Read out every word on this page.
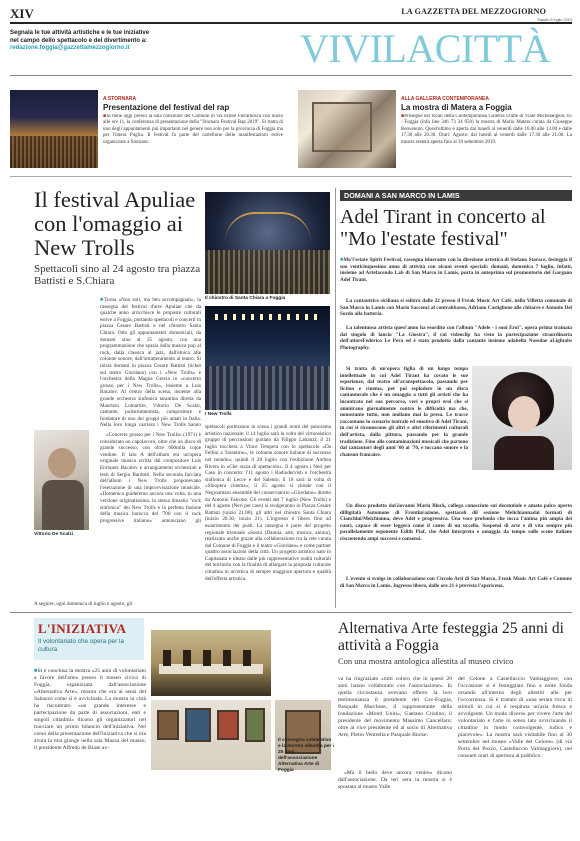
XIV	LA GAZZETTA DEL MEZZOGIORNO
Sabato 6 luglio 2019
Segnala le tue attività artistiche e le tue iniziative
nel campo dello spettacolo e del divertimento a:
redazione.foggia@gazzettamezzogiorno.it	VIVILACITTÀ
A STORNARA
Presentazione del festival del rap
■ Si tiene oggi presso la sala consiliare del Comune in via Ettore Fieramosca con inizio alle ore 11, la conferenza di presentazione della "Stornara Festival Rap 2019". Si tratta di uno degli appuntamenti più importanti nel genere non solo per la provincia di Foggia ma per l'intera Puglia. Il festival fa parte del cartellone delle manifestazioni estive organizzate a Stornara.
ALLA GALLERIA CONTEMPORANEA
La mostra di Matera a Foggia
■ Prosegue nei locali della Contemporanea Galleria D'arte di Viale Michelangelo, 65 - Foggia (info line 346 73 34 050) la mostra di Mario Matera curata da Giuseppe Benvenuto. Quest'ultimo è aperta dal lunedì al venerdì dalle 16.00 alle 13.00 e dalle 17.30 alle 20.30. Orari: Agosto: dal lunedì al venerdì dalle 17.30 alle 21.00. La mostra resterà aperta fino al 10 settembre 2019.
Il festival Apuliae con l'omaggio ai New Trolls
Spettacoli sino al 24 agosto tra piazza Battisti e S.Chiara
Il chiostro di Santa Chiara a Foggia
I New Trolls
Vittorio De Scalzi
■ Torna «Non soli, ma ben accompagnati», la rassegna del festival d'arte Apuliae che da qualche anno arricchisce le proposte culturali estive a Foggia, portando spettacoli e concerti in piazza Cesare Battisti e nel chiostro Santa Chiara. Otto gli appuntamenti domenicali, da domani sino al 25 agosto, con una programmazione che spazia dalla musica pop al rock, dalla classica al jazz, dall'etnica alle colonne sonore, dall'intrattenimento al teatro. Si inizia domani in piazza Cesare Battisti (ticket sul teatro Giordano) con i «New Trolls» e l'orchestra della Magna Grecia in «concerto grosso per i New Trolls», insieme a Luis Bacalov. Al centro della scena, insieme alla grande orchestra sinfonica tarantina diretta da Maurizio Lomartire, Vittorio De Scalzi, cantante, polistrumentista, compositore e fondatore di uno dei gruppi più amati in Italia. Nella loro lunga carriera i New Trolls hanno
«Concerto grosso per i New Trolls» (1971) è considerato un capolavoro, oltre che un disco di grande successo, con oltre 600mila copie vendute. Il lato A dell'album era un'opera originale musica scritta dal compositore Luis Enriquez Bacalov e arrangiamenti orchestrali e testi di Sergio Bardotti. Nella seconda facciata dell'album i New Trolls proponevano l'esecuzione di una improvvisazione musicale. «Domenica guideremo ancora una volta, in una versione originalissima, la stessa dinastia "rock sinfonico" dei New Trolls e la perfetta fusione della musica barocca del '700 con il rock progressive italiano» annunciano gli
A seguire, ogni domenica di luglio e agosto, gli
spettacoli porteranno in scena i grandi nomi del panorama artistico nazionale: il 14 luglio sarà la volta del virtuosistico gruppo di percussioni guidato da Filippo Lattanzi; il 21 luglio toccherà a Vince Tempera con lo spettacolo «Da Fellini a Tarantino», le colonne sonore italiane di successo nel mondo»; quindi il 28 luglio con l'esibizione Andrea Rivera in «Che razza di spettacolo». Il 4 agosto i Neri per Caso in concerto: l'11 agosto i Radiodervish e l'orchestra sinfonica di Lecce e del Salento; il 18 sarà la volta di «Sinopera cinema»; il 25 agosto si chiude con il Negroamaro ensemble del conservatorio «Giordano» diretto da Antonio Falcone. Gli eventi del 7 luglio (New Trolls) e del 4 agosto (Neri per caso) si svolgeranno in Piazza Cesare Battisti (inizio 21.00), gli altri nel chiostro Santa Chiara (inizio 20.30, inizio 21). L'ingresso è libero fino ad esaurimento dei posti. La rassegna è parte del progetto regionale triennale «Suoni (Daunia, arte, musica, anima), realizzato anche grazie alla collaborazione tra la rete curata dal Comune di Foggia e il teatro «Giordano» e come partner quattro associazioni della città. Un progetto artistico nato in Capitanata e ideato dalle più rappresentative realtà culturali del territorio con la finalità di allargare la proposta culturale cittadina in un'ottica di sempre maggiore apertura e qualità dell'offerta artistica.
DOMANI A SAN MARCO IN LAMIS
Adel Tirant in concerto al "Mo l'estate festival"
■ Mo'l'estate Spirit Festival, rassegna itinerante con la direzione artistica di Stefano Starace, festeggia il suo venticinquesimo anno di attività con alcuni eventi speciali: domani, domenica 7 luglio, infatti, insieme ad Artefacendo Lab di San Marco in Lamis, porta in anteprima sul promontorio del Gargano Adel Tirant.
La cantautrice siciliana si esibirà dalle 22 presso il Freak Music Art Café, nella Villetta comunale di San Marco in Lamis con Mario Saccenci al contrabbasso, Adriano Castiglione alle chitarre e Antonio Del Sordo alla batteria.
La talentuosa artista quest'anno ha esordito con l'album "Adele - i suoi Eroi", opera prima trainata dal singolo di lancio "La Giostra", il cui videoclip ha visto la partecipazione straordinaria dell'attoreFederico Le Pera ed è stato prodotto dalla cantante insieme adabella Nosedae aLightabs Photography.
Si tratta di un'opera figlia di un lungo tempo intellettuale in cui Adel Tirant ha covato le sue esperienze, dal teatro all'avanspettacolo, passando per fiction e cinema, per poi esplodere in un disco cantautorale che è un omaggio a tutti gli artisti che ha incontrato nel suo percorso, veri e propri eroi che si ammirano giornalmente contro le difficoltà ma che, nonostante tutto, non mollano mai la presa. Le tracce raccontano lo scenario teatrale ed emotivo di Adel Tirant, in cui si riconoscono gli altri e altri riferimenti culturali dell'artista, dalla pittura, passando per la grande tradizione. Fino alle contaminazioni musicali che partono dal cantautori degli anni '60 ai '70, e toccano sonore e la chanson francaise.
Un disco prodotto daGiovanni Maria Block, collega conosciuto sui decenniale e amato palco aperto dilligitalà Automone di Frontiurazione, spettacoli dil sezione Melichiannadai formati di Cianchini/Melchionna, deve Adel e progressiva. Una voce profonda che tocca l'anima più ampia dei cuori, capace di esser leggera come il canto di un uccello. Sospensi di arte e di vita sempre più parallelamente esponente Edith Piaf, che Adel interpreta e omaggia da tempo sulle scene italiane riscuotendo ampi successi e consensi.
L'evento si svolge in collaborazione con Circolo Arti di San Marco, Freak Music Art Café e Comune di San Marco in Lamis. Ingresso libero, dalle ore 21 è prevista l'apericena.
L'INIZIATIVA
Il volontariato che opera per la cultura
Alternativa Arte festeggia 25 anni di attività a Foggia
Con una mostra antologica allestita al museo civico
Il convegno celebrativo e la mostra allestita per i 25 anni dell'associazione Alternativa Arte di Foggia
■ Si è conclusa la mostra «25 anni di volontariato a favore dell'arte» presso il museo civico di Foggia, organizzata dall'associazione «Alternativa Arte», mostra che era ai sensi del Sabazzo come si è avvicinata. La mostra in città ha riscontrato «un grande interesse e partecipazione da parte di associazioni, enti e singoli cittadini» dicono gli organizzatori nel tracciare un primo bilancio dell'iniziativa. Nel corso della presentazione dell'iniziativa che si era avuta la mia giunge nella sala Mazza del museo, il presidente Alfredo de Biase av-
va ha ringraziato «tutti coloro che in questi 20 anni hanno collaborato con l'associazione». In quella circostanza avevano offerto la loro testimonianza il presidente del Csv-Foggia, Pasquale Marchese, il rappresentante della fondazione «Monti Uniti», Gaetano Cristino; il presidente del movimento Massimo Cancellaro; oltre al vice presidente ed al socio di Alternativa Arte, Pietro Ventrella e Pasquale Bioise.
«Ma il bello deve ancora venire» dicono dall'associazione. Da ieri sera la mostra si è spostata al museo Valle
del Celone a Castelluccio Valmaggiore, con l'occasione si è festeggiato fino a notte fonda orsando all'interno degli allestiti alle per l'occorrenza. Si è trattato di «una serata ricca di stimoli in cui si è respirata un'aria fresca e avvolgente. Un modo diverso per vivere l'arte del volontariato e l'arte in senso lato avvicinando il cittadino in modo coinvolgente, ludico e piacevole». La mostra sarà visitabile fino al 30 settembre nel museo «Valle del Celone» (di via Porta del Pozzo, Castelluccio Valmaggiore), nei consueti orari di apertura al pubblico.
